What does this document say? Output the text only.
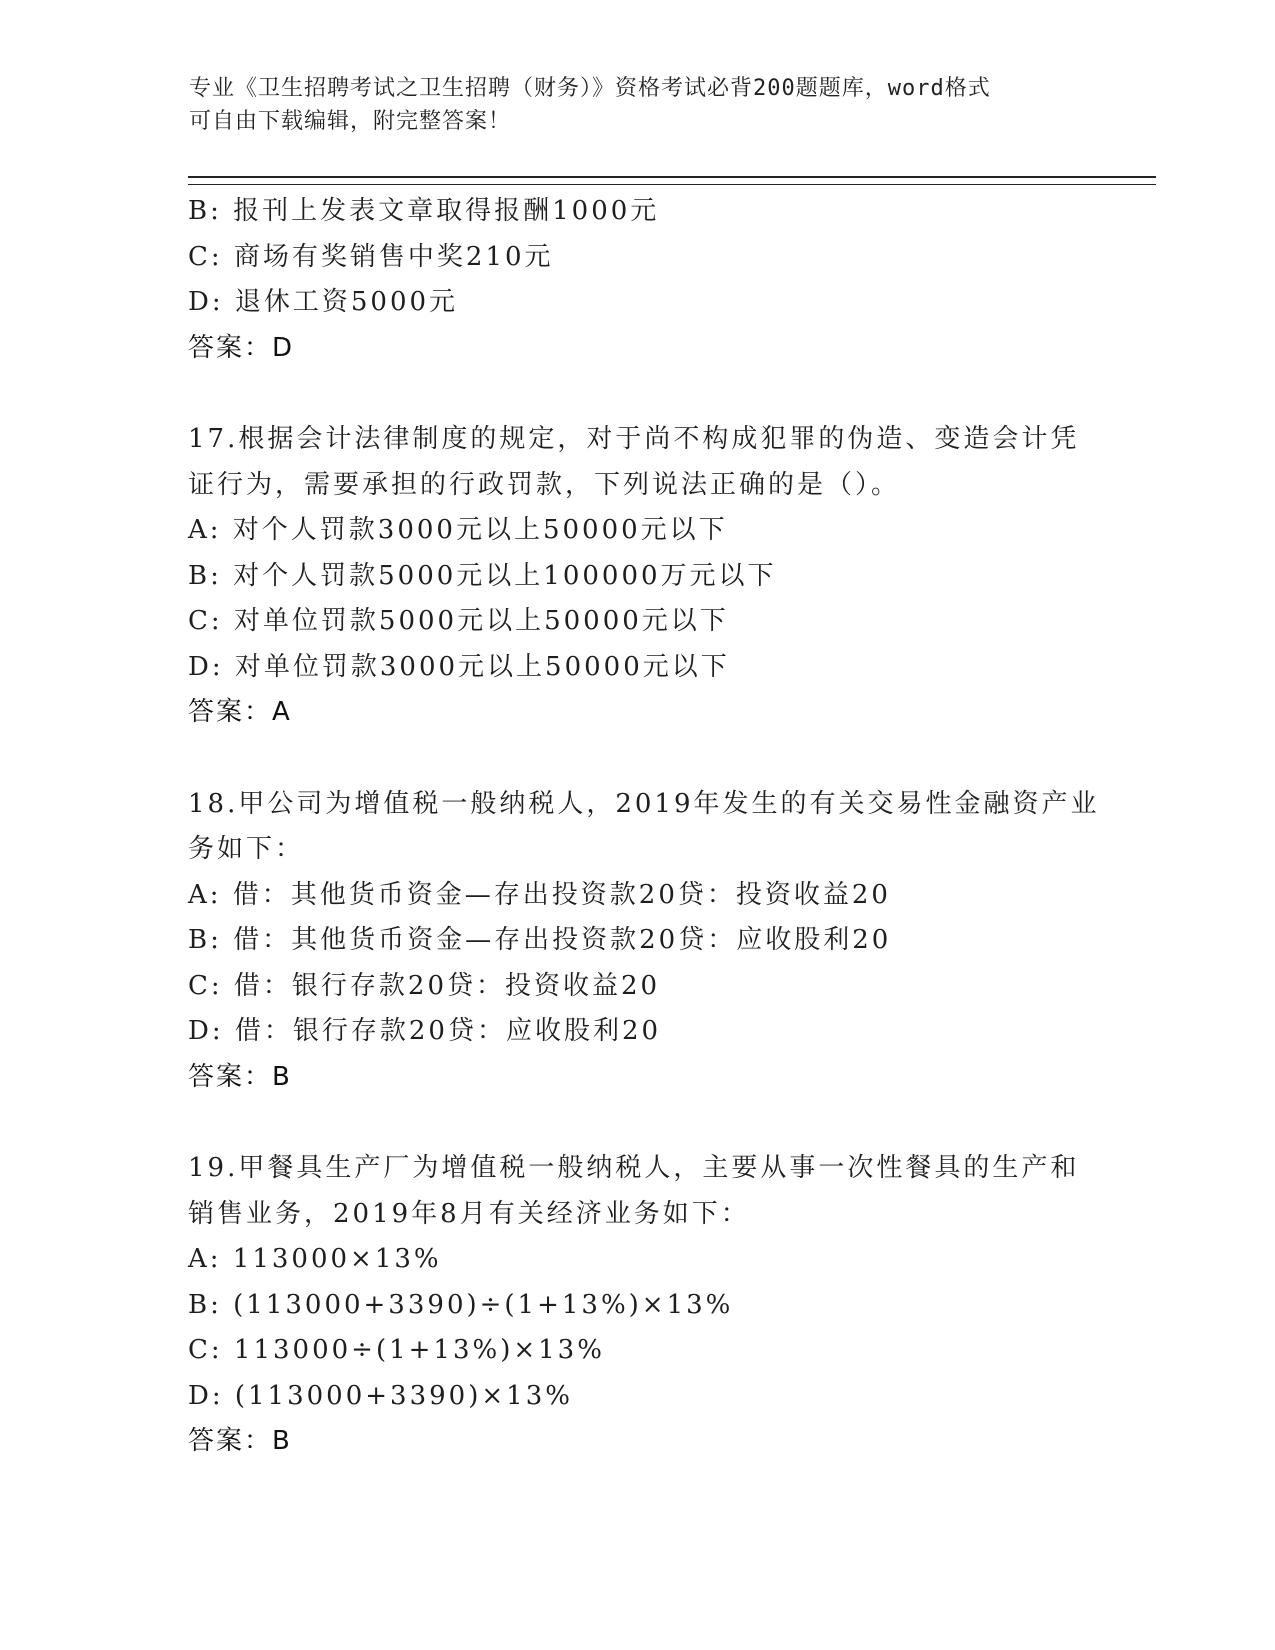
专业《卫生招聘考试之卫生招聘（财务）》资格考试必背200题题库，word格式
可自由下载编辑，附完整答案！
B: 报刊上发表文章取得报酬1000元
C: 商场有奖销售中奖210元
D: 退休工资5000元
答案：D
17.根据会计法律制度的规定，对于尚不构成犯罪的伪造、变造会计凭
证行为，需要承担的行政罚款，下列说法正确的是（）。
A: 对个人罚款3000元以上50000元以下
B: 对个人罚款5000元以上100000万元以下
C: 对单位罚款5000元以上50000元以下
D: 对单位罚款3000元以上50000元以下
答案：A
18.甲公司为增值税一般纳税人，2019年发生的有关交易性金融资产业
务如下：
A: 借：其他货币资金—存出投资款20贷：投资收益20
B: 借：其他货币资金—存出投资款20贷：应收股利20
C: 借：银行存款20贷：投资收益20
D: 借：银行存款20贷：应收股利20
答案：B
19.甲餐具生产厂为增值税一般纳税人，主要从事一次性餐具的生产和
销售业务，2019年8月有关经济业务如下：
A: 113000×13%
B: (113000+3390)÷(1+13%)×13%
C: 113000÷(1+13%)×13%
D: (113000+3390)×13%
答案：B
